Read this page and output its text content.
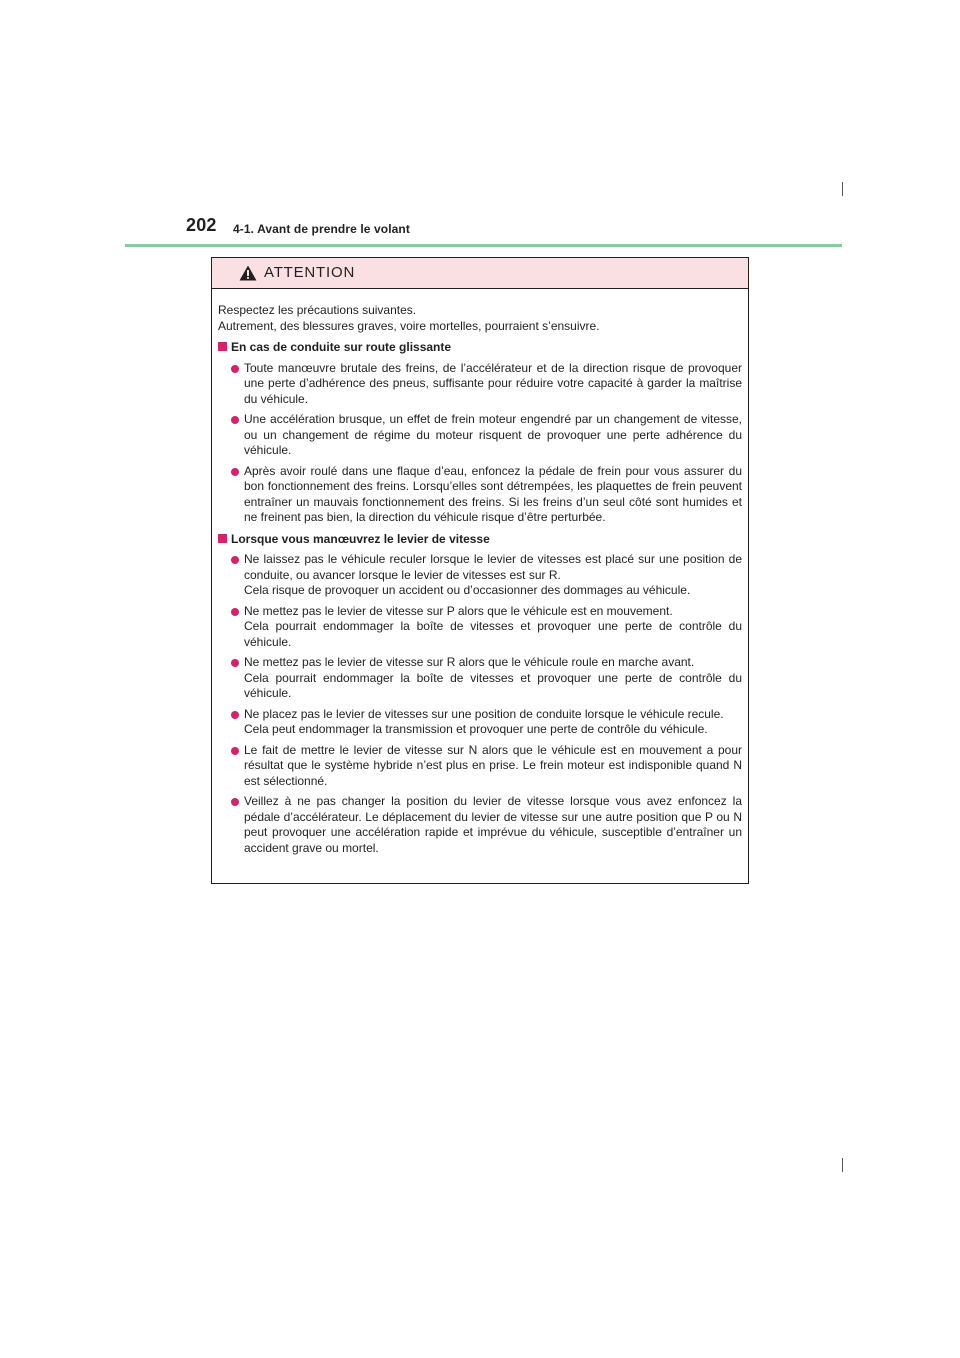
202 4-1. Avant de prendre le volant
ATTENTION

Respectez les précautions suivantes.

Autrement, des blessures graves, voire mortelles, pourraient s’ensuivre.

En cas de conduite sur route glissante
Toute manœuvre brutale des freins, de l’accélérateur et de la direction risque de provoquer une perte d’adhérence des pneus, suffisante pour réduire votre capacité à garder la maîtrise du véhicule.
Une accélération brusque, un effet de frein moteur engendré par un changement de vitesse, ou un changement de régime du moteur risquent de provoquer une perte adhérence du véhicule.
Après avoir roulé dans une flaque d’eau, enfoncez la pédale de frein pour vous assurer du bon fonctionnement des freins. Lorsqu’elles sont détrempées, les plaquettes de frein peuvent entraîner un mauvais fonctionnement des freins. Si les freins d’un seul côté sont humides et ne freinent pas bien, la direction du véhicule risque d’être perturbée.
Lorsque vous manœuvrez le levier de vitesse
Ne laissez pas le véhicule reculer lorsque le levier de vitesses est placé sur une position de conduite, ou avancer lorsque le levier de vitesses est sur R.
Cela risque de provoquer un accident ou d’occasionner des dommages au véhicule.
Ne mettez pas le levier de vitesse sur P alors que le véhicule est en mouvement.
Cela pourrait endommager la boîte de vitesses et provoquer une perte de contrôle du véhicule.
Ne mettez pas le levier de vitesse sur R alors que le véhicule roule en marche avant.
Cela pourrait endommager la boîte de vitesses et provoquer une perte de contrôle du véhicule.
Ne placez pas le levier de vitesses sur une position de conduite lorsque le véhicule recule.
Cela peut endommager la transmission et provoquer une perte de contrôle du véhicule.
Le fait de mettre le levier de vitesse sur N alors que le véhicule est en mouvement a pour résultat que le système hybride n’est plus en prise. Le frein moteur est indisponible quand N est sélectionné.
Veillez à ne pas changer la position du levier de vitesse lorsque vous avez enfoncez la pédale d’accélérateur. Le déplacement du levier de vitesse sur une autre position que P ou N peut provoquer une accélération rapide et imprévue du véhicule, susceptible d’entraîner un accident grave ou mortel.
